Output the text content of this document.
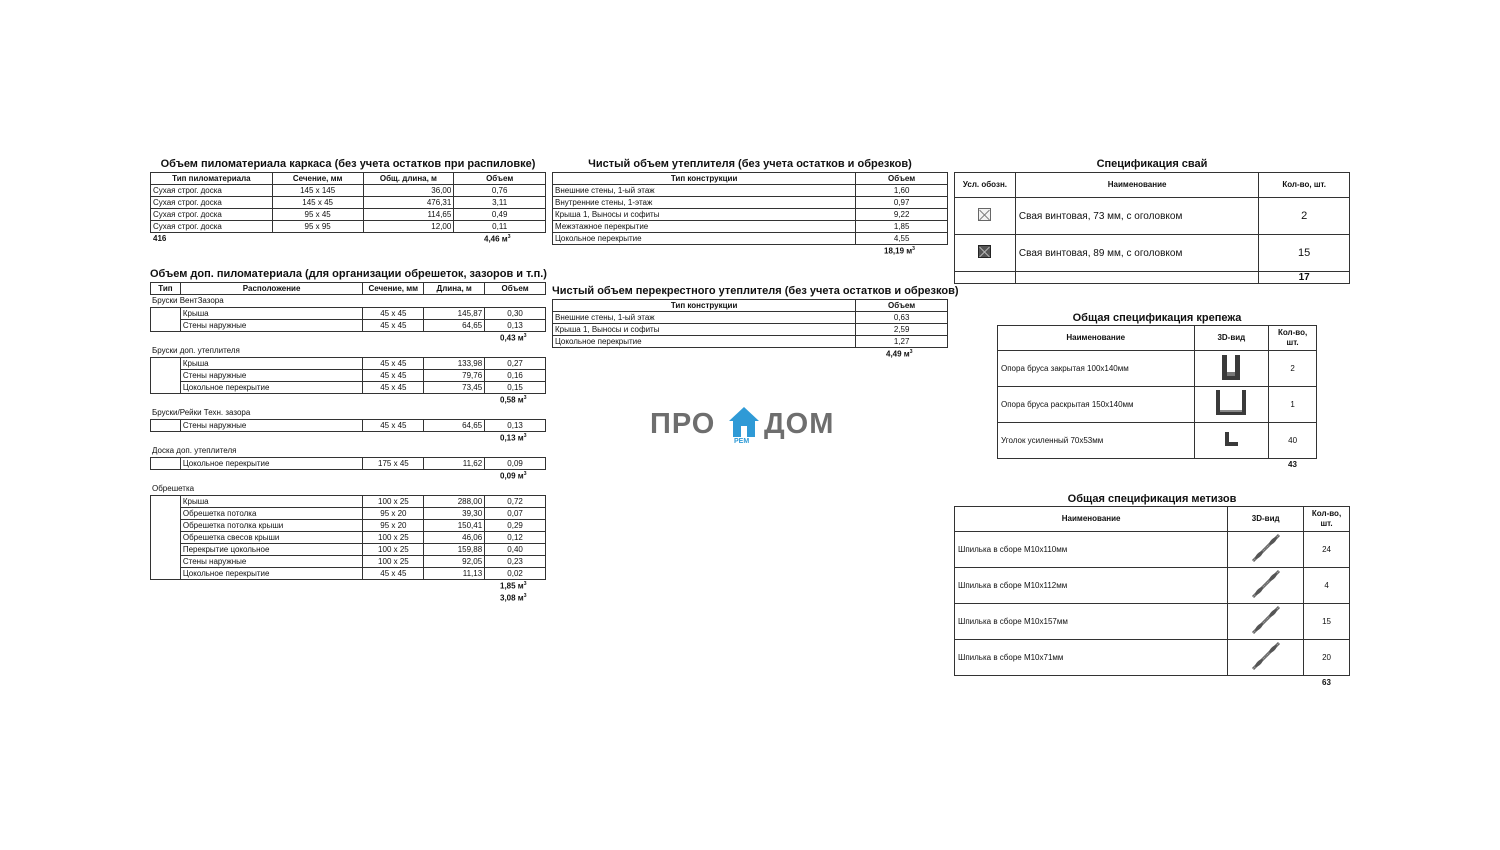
Объем пиломатериала каркаса (без учета остатков при распиловке)
Тип пиломатериала	Сечение, мм	Общ. длина, м	Объем
Сухая строг. доска	145 x 145	36,00	0,76
Сухая строг. доска	145 x 45	476,31	3,11
Сухая строг. доска	95 x 45	114,65	0,49
Сухая строг. доска	95 x 95	12,00	0,11
416	4,46 $м^3$
Объем доп. пиломатериала (для организации обрешеток, зазоров и т.п.)
Тип	Расположение	Сечение, мм	Длина, м	Объем
Бруски ВентЗазора
	Крыша	45 x 45	145,87	0,30
	Стены наружные	45 x 45	64,65	0,13
0,43 $м^3$
Бруски доп. утеплителя
	Крыша	45 x 45	133,98	0,27
	Стены наружные	45 x 45	79,76	0,16
	Цокольное перекрытие	45 x 45	73,45	0,15
0,58 $м^3$
Бруски/Рейки Техн. зазора
	Стены наружные	45 x 45	64,65	0,13
0,13 $м^3$
Доска доп. утеплителя
	Цокольное перекрытие	175 x 45	11,62	0,09
0,09 $м^3$
Обрешетка
	Крыша	100 x 25	288,00	0,72
	Обрешетка потолка	95 x 20	39,30	0,07
	Обрешетка потолка крыши	95 x 20	150,41	0,29
	Обрешетка свесов крыши	100 x 25	46,06	0,12
	Перекрытие цокольное	100 x 25	159,88	0,40
	Стены наружные	100 x 25	92,05	0,23
	Цокольное перекрытие	45 x 45	11,13	0,02
1,85 $м^3$
3,08 $м^3$
Чистый объем утеплителя (без учета остатков и обрезков)
Тип конструкции	Объем
Внешние стены, 1-ый этаж	1,60
Внутренние стены, 1-этаж	0,97
Крыша 1, Выносы и софиты	9,22
Межэтажное перекрытие	1,85
Цокольное перекрытие	4,55
18,19 $м^3$
Чистый объем перекрестного утеплителя (без учета остатков и обрезков)
Тип конструкции	Объем
Внешние стены, 1-ый этаж	0,63
Крыша 1, Выносы и софиты	2,59
Цокольное перекрытие	1,27
4,49 $м^3$
ПРО
РЕМ
ДОМ
Спецификация свай
Усл. обозн.	Наименование	Кол-во, шт.
	Свая винтовая, 73 мм, с оголовком	2
	Свая винтовая, 89 мм, с оголовком	15
		17
Общая спецификация крепежа
Наименование	3D-вид	Кол-во, шт.
Опора бруса закрытая 100х140мм		2
Опора бруса раскрытая 150х140мм		1
Уголок усиленный 70х53мм		40
43
Общая спецификация метизов
Наименование	3D-вид	Кол-во, шт.
Шпилька в сборе М10х110мм		24
Шпилька в сборе М10х112мм		4
Шпилька в сборе М10х157мм		15
Шпилька в сборе М10х71мм		20
63
